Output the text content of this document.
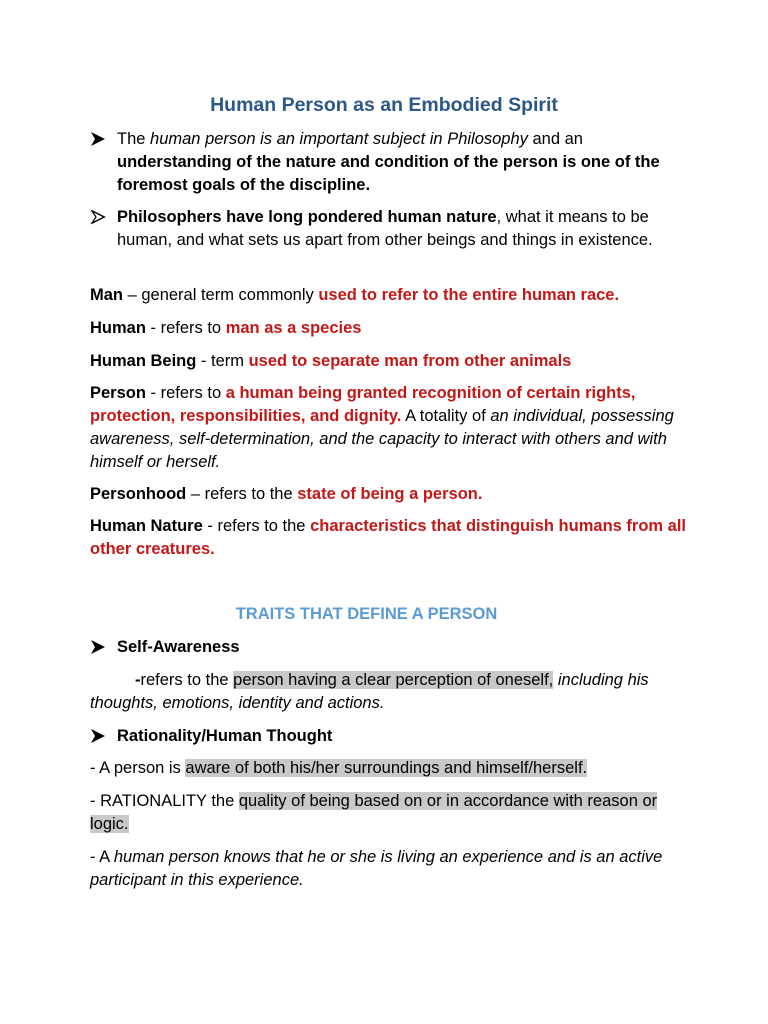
Human Person as an Embodied Spirit
The human person is an important subject in Philosophy and an understanding of the nature and condition of the person is one of the foremost goals of the discipline.
Philosophers have long pondered human nature, what it means to be human, and what sets us apart from other beings and things in existence.
Man – general term commonly used to refer to the entire human race.
Human - refers to man as a species
Human Being - term used to separate man from other animals
Person - refers to a human being granted recognition of certain rights, protection, responsibilities, and dignity. A totality of an individual, possessing awareness, self-determination, and the capacity to interact with others and with himself or herself.
Personhood – refers to the state of being a person.
Human Nature - refers to the characteristics that distinguish humans from all other creatures.
TRAITS THAT DEFINE A PERSON
Self-Awareness
-refers to the person having a clear perception of oneself, including his thoughts, emotions, identity and actions.
Rationality/Human Thought
- A person is aware of both his/her surroundings and himself/herself.
- RATIONALITY the quality of being based on or in accordance with reason or logic.
- A human person knows that he or she is living an experience and is an active participant in this experience.
